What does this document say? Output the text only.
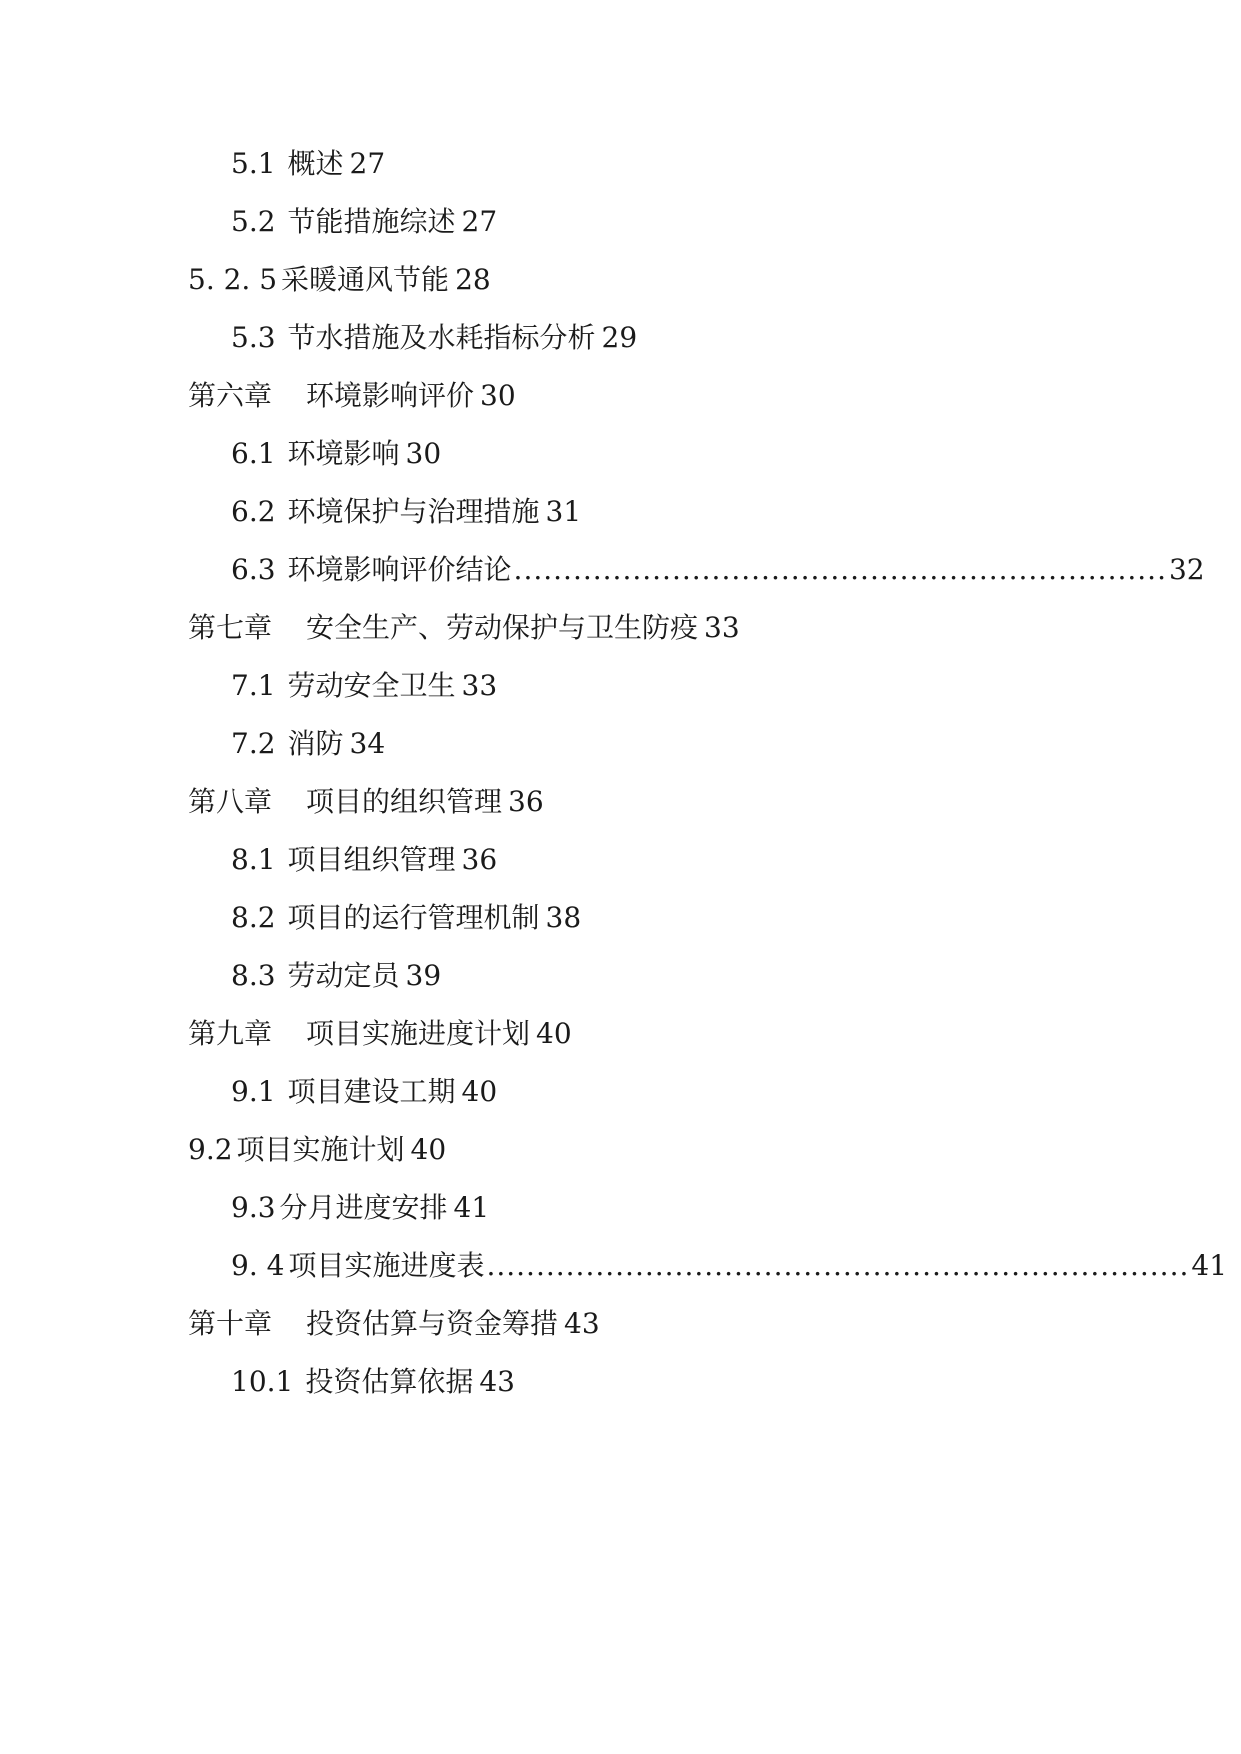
5.1 概述 27
5.2 节能措施综述 27
5. 2. 5 采暖通风节能 28
5.3 节水措施及水耗指标分析 29
第六章 环境影响评价 30
6.1 环境影响 30
6.2 环境保护与治理措施 31
6.3 环境影响评价结论 .................................................................. 32
第七章 安全生产、劳动保护与卫生防疫 33
7.1 劳动安全卫生 33
7.2 消防 34
第八章 项目的组织管理 36
8.1 项目组织管理 36
8.2 项目的运行管理机制 38
8.3 劳动定员 39
第九章 项目实施进度计划 40
9.1 项目建设工期 40
9.2 项目实施计划 40
9.3 分月进度安排 41
9. 4 项目实施进度表 ....................................................................... 41
第十章 投资估算与资金筹措 43
10.1 投资估算依据 43
